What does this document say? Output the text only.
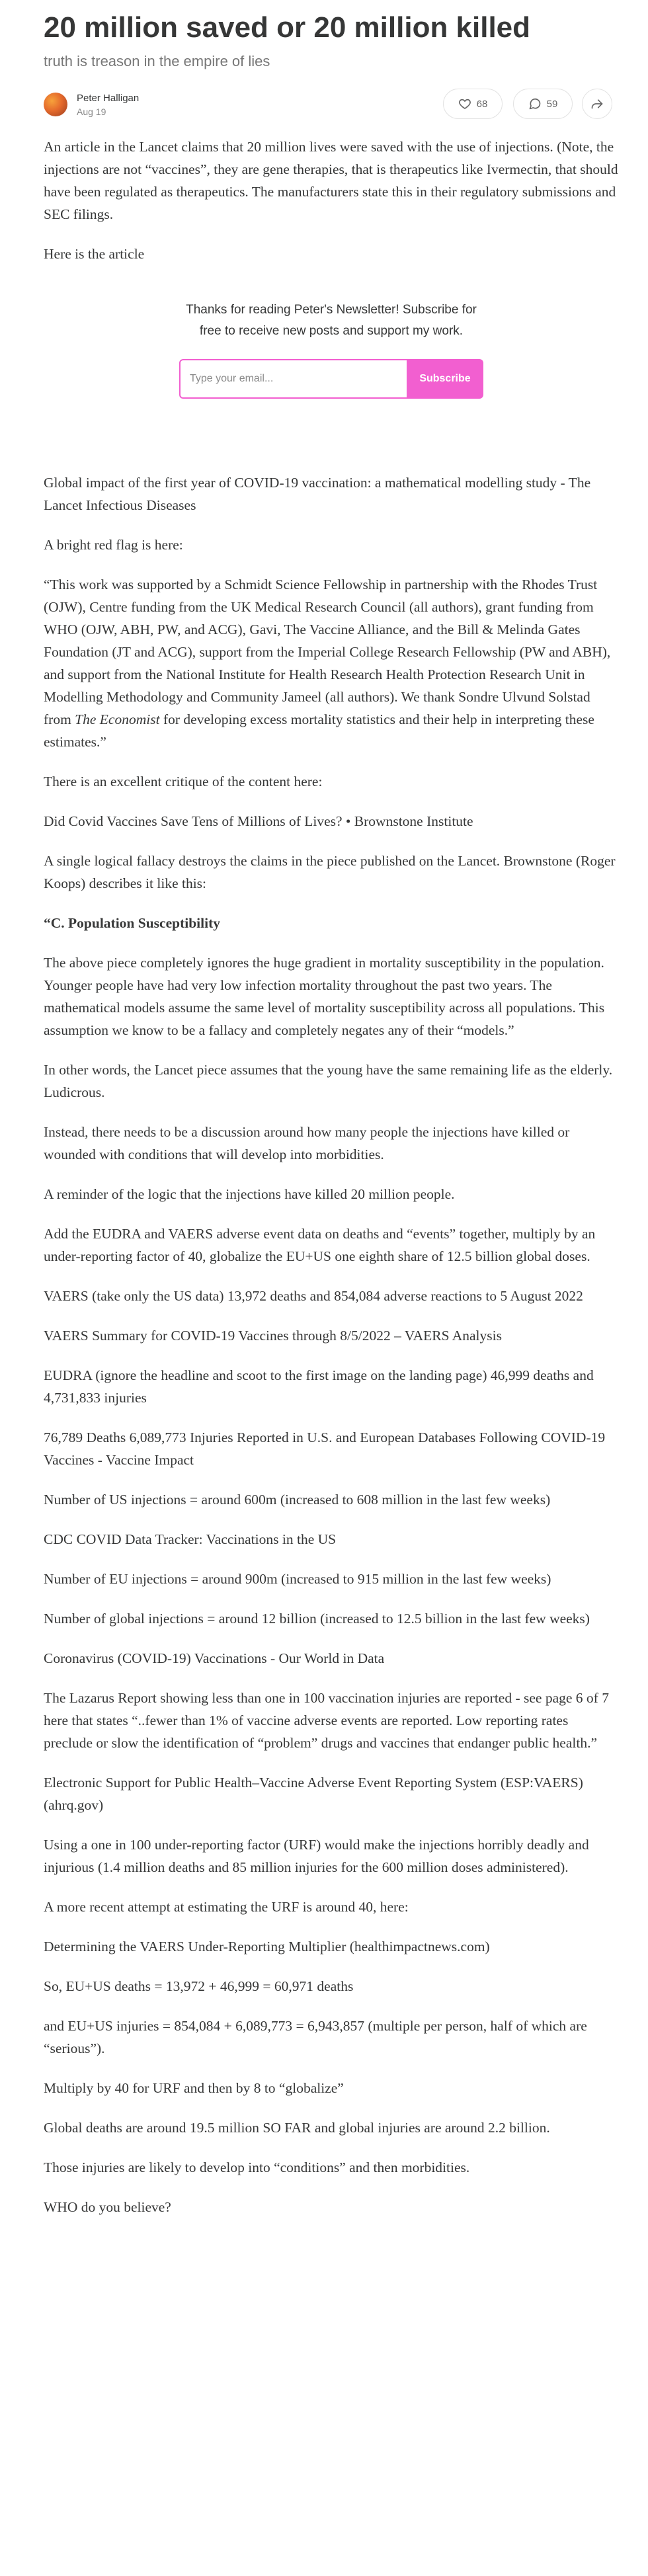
20 million saved or 20 million killed
truth is treason in the empire of lies
Peter Halligan
Aug 19
68	59

An article in the Lancet claims that 20 million lives were saved with the use of injections. (Note, the injections are not “vaccines”, they are gene therapies, that is therapeutics like Ivermectin, that should have been regulated as therapeutics. The manufacturers state this in their regulatory submissions and SEC filings.

Here is the article

Thanks for reading Peter's Newsletter! Subscribe for free to receive new posts and support my work.

Type your email...
Subscribe

Global impact of the first year of COVID-19 vaccination: a mathematical modelling study - The Lancet Infectious Diseases

A bright red flag is here:

“This work was supported by a Schmidt Science Fellowship in partnership with the Rhodes Trust (OJW), Centre funding from the UK Medical Research Council (all authors), grant funding from WHO (OJW, ABH, PW, and ACG), Gavi, The Vaccine Alliance, and the Bill & Melinda Gates Foundation (JT and ACG), support from the Imperial College Research Fellowship (PW and ABH), and support from the National Institute for Health Research Health Protection Research Unit in Modelling Methodology and Community Jameel (all authors). We thank Sondre Ulvund Solstad from The Economist for developing excess mortality statistics and their help in interpreting these estimates.”

There is an excellent critique of the content here:

Did Covid Vaccines Save Tens of Millions of Lives? • Brownstone Institute

A single logical fallacy destroys the claims in the piece published on the Lancet. Brownstone (Roger Koops) describes it like this:

“C. Population Susceptibility

The above piece completely ignores the huge gradient in mortality susceptibility in the population. Younger people have had very low infection mortality throughout the past two years. The mathematical models assume the same level of mortality susceptibility across all populations. This assumption we know to be a fallacy and completely negates any of their “models.”

In other words, the Lancet piece assumes that the young have the same remaining life as the elderly. Ludicrous.

Instead, there needs to be a discussion around how many people the injections have killed or wounded with conditions that will develop into morbidities.

A reminder of the logic that the injections have killed 20 million people.

Add the EUDRA and VAERS adverse event data on deaths and “events” together, multiply by an under-reporting factor of 40, globalize the EU+US one eighth share of 12.5 billion global doses.

VAERS (take only the US data) 13,972 deaths and 854,084 adverse reactions to 5 August 2022

VAERS Summary for COVID-19 Vaccines through 8/5/2022 – VAERS Analysis

EUDRA (ignore the headline and scoot to the first image on the landing page) 46,999 deaths and 4,731,833 injuries

76,789 Deaths 6,089,773 Injuries Reported in U.S. and European Databases Following COVID-19 Vaccines - Vaccine Impact

Number of US injections = around 600m (increased to 608 million in the last few weeks)

CDC COVID Data Tracker: Vaccinations in the US

Number of EU injections = around 900m (increased to 915 million in the last few weeks)

Number of global injections = around 12 billion (increased to 12.5 billion in the last few weeks)

Coronavirus (COVID-19) Vaccinations - Our World in Data

The Lazarus Report showing less than one in 100 vaccination injuries are reported - see page 6 of 7 here that states “..fewer than 1% of vaccine adverse events are reported. Low reporting rates preclude or slow the identification of “problem” drugs and vaccines that endanger public health.”

Electronic Support for Public Health–Vaccine Adverse Event Reporting System (ESP:VAERS) (ahrq.gov)

Using a one in 100 under-reporting factor (URF) would make the injections horribly deadly and injurious (1.4 million deaths and 85 million injuries for the 600 million doses administered).

A more recent attempt at estimating the URF is around 40, here:

Determining the VAERS Under-Reporting Multiplier (healthimpactnews.com)

So, EU+US deaths = 13,972 + 46,999 = 60,971 deaths

and EU+US injuries = 854,084 + 6,089,773 = 6,943,857 (multiple per person, half of which are “serious”).

Multiply by 40 for URF and then by 8 to “globalize”

Global deaths are around 19.5 million SO FAR and global injuries are around 2.2 billion.

Those injuries are likely to develop into “conditions” and then morbidities.

WHO do you believe?
